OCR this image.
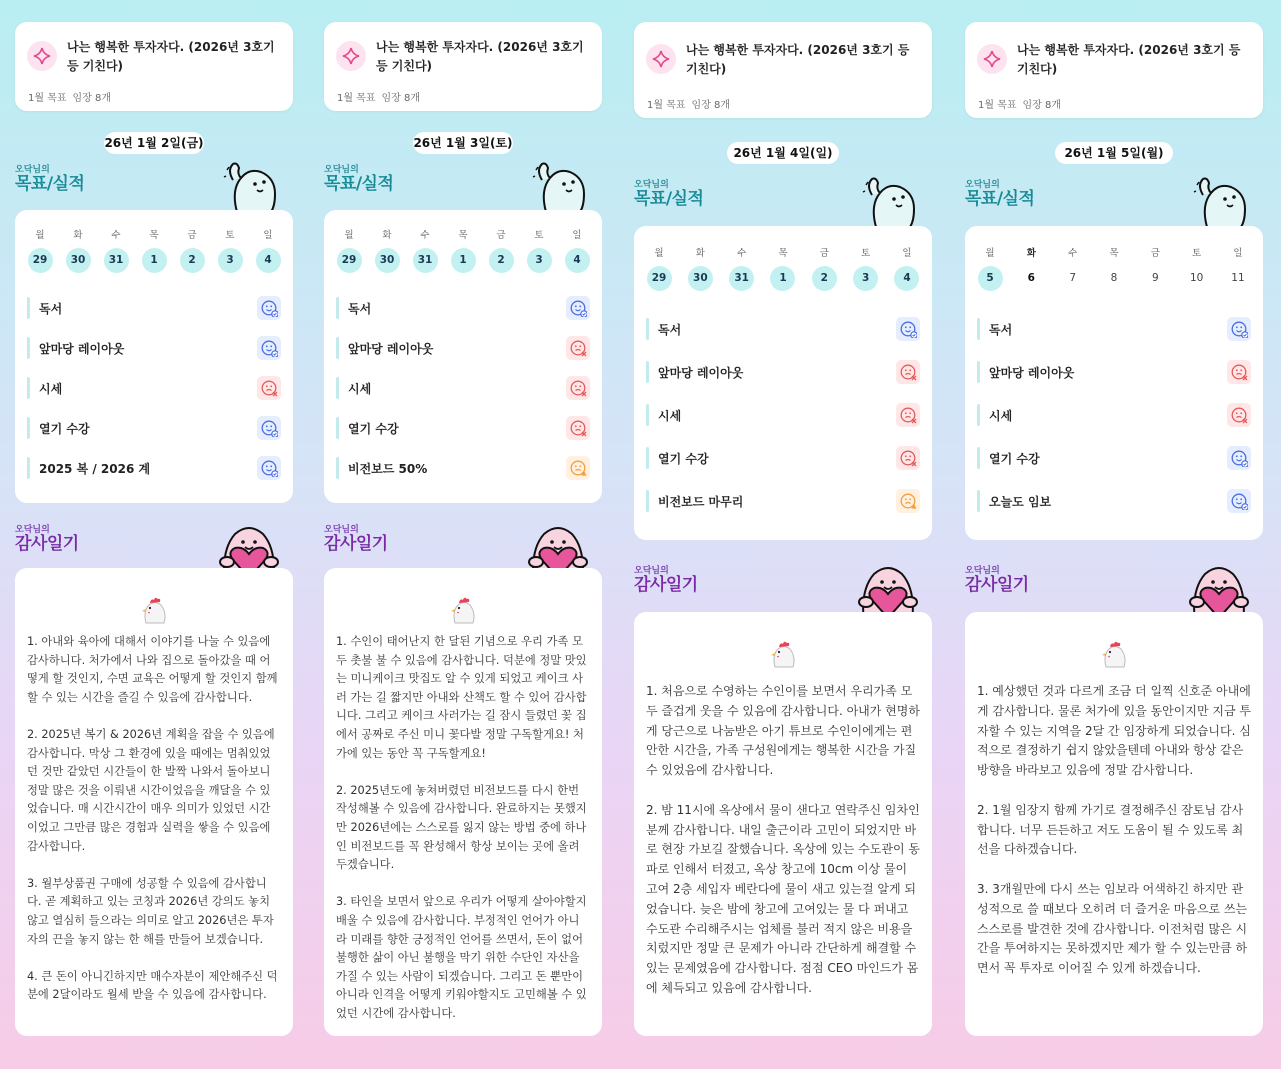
나는 행복한 투자자다. (2026년 3호기 등 기친다)
1월 목표 임장 8개
26년 1월 2일(금)
오닥님의
목표/실적
월
29
화
30
수
31
목
1
금
2
토
3
일
4
독서
앞마당 레이아웃
시세
열기 수강
2025 복 / 2026 계
오닥님의
감사일기
1. 아내와 육아에 대해서 이야기를 나눌 수 있음에 감사하니다. 처가에서 나와 집으로 돌아갔을 때 어떻게 할 것인지, 수면 교육은 어떻게 할 것인지 함께할 수 있는 시간을 즐길 수 있음에 감사합니다.

2. 2025년 복기 & 2026년 계획을 잡을 수 있음에 감사합니다. 막상 그 환경에 있을 때에는 멈춰있었던 것만 같았던 시간들이 한 발짝 나와서 돌아보니 정말 많은 것을 이뤄낸 시간이었음을 깨달을 수 있었습니다. 매 시간시간이 매우 의미가 있었던 시간이었고 그만큼 많은 경험과 실력을 쌓을 수 있음에 감사합니다.

3. 월부상품권 구매에 성공할 수 있음에 감사합니다. 곧 계획하고 있는 코칭과 2026년 강의도 놓치 않고 열심히 들으라는 의미로 알고 2026년은 투자자의 끈을 놓지 않는 한 해를 만들어 보겠습니다.

4. 큰 돈이 아니긴하지만 매수자분이 제안해주신 덕분에 2달이라도 월세 받을 수 있음에 감사합니다.
나는 행복한 투자자다. (2026년 3호기 등 기친다)
1월 목표 임장 8개
26년 1월 3일(토)
오닥님의
목표/실적
월
29
화
30
수
31
목
1
금
2
토
3
일
4
독서
앞마당 레이아웃
시세
열기 수강
비전보드 50%
오닥님의
감사일기
1. 수인이 태어난지 한 달된 기념으로 우리 가족 모두 촛불 불 수 있음에 감사합니다. 덕분에 정말 맛있는 미니케이크 맛집도 알 수 있게 되었고 케이크 사러 가는 길 짧지만 아내와 산책도 할 수 있어 감사합니다. 그리고 케이크 사러가는 길 잠시 들렸던 꽃 집에서 공짜로 주신 미니 꽃다발 정말 구독할게요! 처가에 있는 동안 꼭 구독할게요!

2. 2025년도에 놓쳐버렸던 비전보드를 다시 한번 작성해볼 수 있음에 감사합니다. 완료하지는 못했지만 2026년에는 스스로를 잃지 않는 방법 중에 하나인 비전보드를 꼭 완성해서 항상 보이는 곳에 올려두겠습니다.

3. 타인을 보면서 앞으로 우리가 어떻게 살아야할지 배울 수 있음에 감사합니다. 부정적인 언어가 아니라 미래를 향한 긍정적인 언어를 쓰면서, 돈이 없어 불행한 삶이 아닌 불행을 막기 위한 수단인 자산을 가질 수 있는 사람이 되겠습니다. 그리고 돈 뿐만이 아니라 인격을 어떻게 키워야할지도 고민해볼 수 있었던 시간에 감사합니다.
나는 행복한 투자자다. (2026년 3호기 등 기친다)
1월 목표 임장 8개
26년 1월 4일(일)
오닥님의
목표/실적
월
29
화
30
수
31
목
1
금
2
토
3
일
4
독서
앞마당 레이아웃
시세
열기 수강
비전보드 마무리
오닥님의
감사일기
1. 처음으로 수영하는 수인이를 보면서 우리가족 모두 즐겁게 웃을 수 있음에 감사합니다. 아내가 현명하게 당근으로 나눔받은 아기 튜브로 수인이에게는 편안한 시간을, 가족 구성원에게는 행복한 시간을 가질 수 있었음에 감사합니다.

2. 밤 11시에 옥상에서 물이 샌다고 연락주신 임차인분께 감사합니다. 내일 출근이라 고민이 되었지만 바로 현장 가보길 잘했습니다. 옥상에 있는 수도관이 동파로 인해서 터졌고, 옥상 창고에 10cm 이상 물이 고여 2층 세입자 베란다에 물이 새고 있는걸 알게 되었습니다. 늦은 밤에 창고에 고여있는 물 다 퍼내고 수도관 수리해주시는 업체를 불러 적지 않은 비용을 치렀지만 정말 큰 문제가 아니라 간단하게 해결할 수 있는 문제였음에 감사합니다. 점점 CEO 마인드가 몸에 체득되고 있음에 감사합니다.
나는 행복한 투자자다. (2026년 3호기 등 기친다)
1월 목표 임장 8개
26년 1월 5일(월)
오닥님의
목표/실적
월
5
화
6
수
7
목
8
금
9
토
10
일
11
독서
앞마당 레이아웃
시세
열기 수강
오늘도 임보
오닥님의
감사일기
1. 예상했던 것과 다르게 조금 더 일찍 신호준 아내에게 감사합니다. 물론 처가에 있을 동안이지만 지금 투자할 수 있는 지역을 2달 간 임장하게 되었습니다. 심적으로 결정하기 쉽지 않았을텐데 아내와 항상 같은 방향을 바라보고 있음에 정말 감사합니다.

2. 1월 임장지 함께 가기로 결정해주신 잠토님 감사합니다. 너무 든든하고 저도 도움이 될 수 있도록 최선을 다하겠습니다.

3. 3개월만에 다시 쓰는 임보라 어색하긴 하지만 관성적으로 쓸 때보다 오히려 더 즐거운 마음으로 쓰는 스스로를 발견한 것에 감사합니다. 이전처럼 많은 시간을 투여하지는 못하겠지만 제가 할 수 있는만큼 하면서 꼭 투자로 이어질 수 있게 하겠습니다.
